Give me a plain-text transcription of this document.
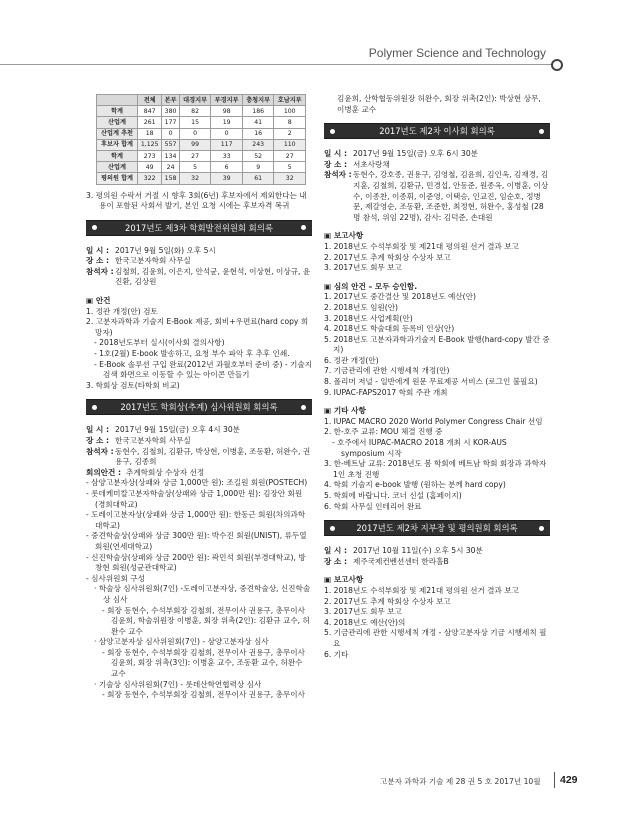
Polymer Science and Technology
	전체	본부	대경지부	부경지부	충청지부	호남지부
학계	847	380	82	98	186	100
산업계	261	177	15	19	41	8
산업계 추천	18	0	0	0	16	2
후보자 합계	1,125	557	99	117	243	110
학계	273	134	27	33	52	27
산업계	49	24	5	6	9	5
평의원 합계	322	158	32	39	61	32
3. 평의원 수락서 거절 시 향후 3회(6년) 후보자에서 제외한다는 내용이 포함된 사회서 발기, 본인 요청 시에는 후보자격 복귀
2017년도 제3차 학회발전위원회 회의록
일 시 : 2017년 9월 5일(화) 오후 5시
장 소 : 한국고분자학회 사무실
참석자 : 김철희, 김윤희, 이은지, 안석균, 윤현석, 이상현, 이상규, 윤진환, 김상원
▣ 안건
1. 정관 개정(안) 검토
2. 고분자과학과 기술지 E-Book 제공, 회비+우편료(hard copy 희망자)
- 2018년도부터 실시(이사회 결의사항)
- 1호(2월) E-book 발송하고, 요청 부수 파악 후 추후 인쇄.
- E-Book 솔루션 구입 완료(2012년 과월호부터 준비 중) - 기술지 검색 화면으로 이동할 수 있는 아이콘 만들기
3. 학회상 검토(타학회 비교)
2017년도 학회상(추계) 심사위원회 회의록
일 시 : 2017년 9월 15일(금) 오후 4시 30분
장 소 : 한국고분자학회 사무실
참석자 : 동현수, 김철희, 김환규, 박상현, 이병훈, 조동환, 허완수, 권용구, 김종희
회의안건 : 추계학회상 수상자 선정
- 삼양고분자상(상패와 상금 1,000만 원): 조길원 회원(POSTECH)
- 롯데케미칼고분자학술상(상패와 상금 1,000만 원): 김장안 회원(경희대학교)
- 도레이고분자상(상패와 상금 1,000만 원): 한동근 회원(차의과학대학교)
- 중견학술상(상패와 상금 300만 원): 박수진 회원(UNIST), 류두열 회원(연세대학교)
- 신진학술상(상패와 상금 200만 원): 곽민석 회원(부경대학교), 방창현 회원(성균관대학교)
- 심사위원회 구성
· 학술상 심사위원회(7인) -도레이고분자상, 중견학술상, 신진학술상 심사
- 회장 동현수, 수석부회장 김철희, 전무이사 권용구, 총무이사 김윤희, 학술위원장 이병훈, 회장 위촉(2인): 김환규 교수, 허완수 교수
· 삼양고분자상 심사위원회(7인) - 삼양고분자상 심사
- 회장 동현수, 수석부회장 김철희, 전무이사 권용구, 총무이사 김윤희, 회장 위촉(3인): 이병훈 교수, 조동환 교수, 허완수 교수
· 기술상 심사위원회(7인) - 롯데산학연협력상 심사
- 회장 동현수, 수석부회장 김철희, 전무이사 권용구, 총무이사
김윤희, 산학협동위원장 허완수, 회장 위촉(2인): 박상현 상무, 이병훈 교수
2017년도 제2차 이사회 회의록
일 시 : 2017년 9월 15일(금) 오후 6시 30분
장 소 : 서초사랑채
참석자 : 동현수, 강호종, 권용구, 김영철, 김윤희, 김인옥, 김재경, 김지훈, 김철희, 김환규, 민경섭, 안동준, 원종옥, 이병훈, 이상수, 이종찬, 이종휘, 이준영, 이택승, 인교진, 임순호, 정병문, 제갈영순, 조동환, 조준한, 최정현, 허완수, 홍성철 (28명 참석, 위임 22명), 감사: 김덕준, 손대원
▣ 보고사항
1. 2018년도 수석부회장 및 제21대 평의원 선거 결과 보고
2. 2017년도 추계 학회상 수상자 보고
3. 2017년도 회무 보고
▣ 심의 안건 – 모두 승인함.
1. 2017년도 중간결산 및 2018년도 예산(안)
2. 2018년도 임원(안)
3. 2018년도 사업계획(안)
4. 2018년도 학술대회 등록비 인상(안)
5. 2018년도 고분자과학과기술지 E-Book 발행(hard-copy 발간 중지)
6. 정관 개정(안)
7. 기금관리에 관한 시행세칙 개정(안)
8. 폴리머 저널 - 일반에게 원문 무료제공 서비스 (로그인 불필요)
9. IUPAC-FAPS2017 학회 주관 개최
▣ 기타 사항
1. IUPAC MACRO 2020 World Polymer Congress Chair 선임
2. 한-호주 교류: MOU 체결 진행 중
- 호주에서 IUPAC-MACRO 2018 개최 시 KOR-AUS symposium 시작
3. 한-베트남 교류: 2018년도 봄 학회에 베트남 학회 회장과 과학자 1인 초청 진행
4. 학회 기술지 e-book 발행 (원하는 분께 hard copy)
5. 학회에 바랍니다. 코너 신설 (홈페이지)
6. 학회 사무실 인테리어 완료
2017년도 제2차 지부장 및 평의원회 회의록
일 시 : 2017년 10월 11일(수) 오후 5시 30분
장 소 : 제주국제컨벤션센터 한라홀B
▣ 보고사항
1. 2018년도 수석부회장 및 제21대 평의원 선거 결과 보고
2. 2017년도 추계 학회상 수상자 보고
3. 2017년도 회무 보고
4. 2018년도 예산(안)의
5. 기금관리에 관한 시행세칙 개정 - 삼양고분자상 기금 시행세칙 필요
6. 기타
고분자 과학과 기술 제 28 권 5 호 2017년 10월 429
